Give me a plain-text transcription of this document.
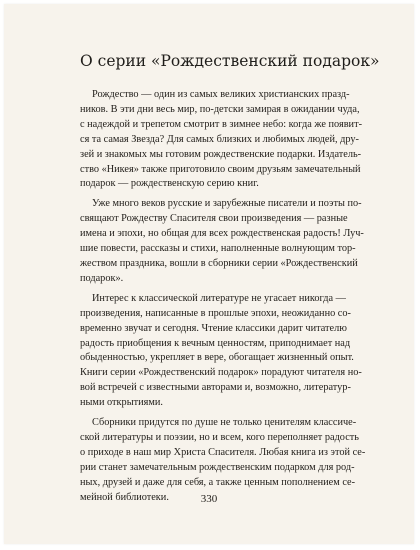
О серии «Рождественский подарок»

Рождество — один из самых великих христианских празд-
ников. В эти дни весь мир, по-детски замирая в ожидании чуда,
с надеждой и трепетом смотрит в зимнее небо: когда же появит-
ся та самая Звезда? Для самых близких и любимых людей, дру-
зей и знакомых мы готовим рождественские подарки. Издатель-
ство «Никея» также приготовило своим друзьям замечательный
подарок — рождественскую серию книг.

Уже много веков русские и зарубежные писатели и поэты по-
свящают Рождеству Спасителя свои произведения — разные
имена и эпохи, но общая для всех рождественская радость! Луч-
шие повести, рассказы и стихи, наполненные волнующим тор-
жеством праздника, вошли в сборники серии «Рождественский
подарок».

Интерес к классической литературе не угасает никогда —
произведения, написанные в прошлые эпохи, неожиданно со-
временно звучат и сегодня. Чтение классики дарит читателю
радость приобщения к вечным ценностям, приподнимает над
обыденностью, укрепляет в вере, обогащает жизненный опыт.
Книги серии «Рождественский подарок» порадуют читателя но-
вой встречей с известными авторами и, возможно, литератур-
ными открытиями.

Сборники придутся по душе не только ценителям классиче-
ской литературы и поэзии, но и всем, кого переполняет радость
о приходе в наш мир Христа Спасителя. Любая книга из этой се-
рии станет замечательным рождественским подарком для род-
ных, друзей и даже для себя, а также ценным пополнением се-
мейной библиотеки.	330
